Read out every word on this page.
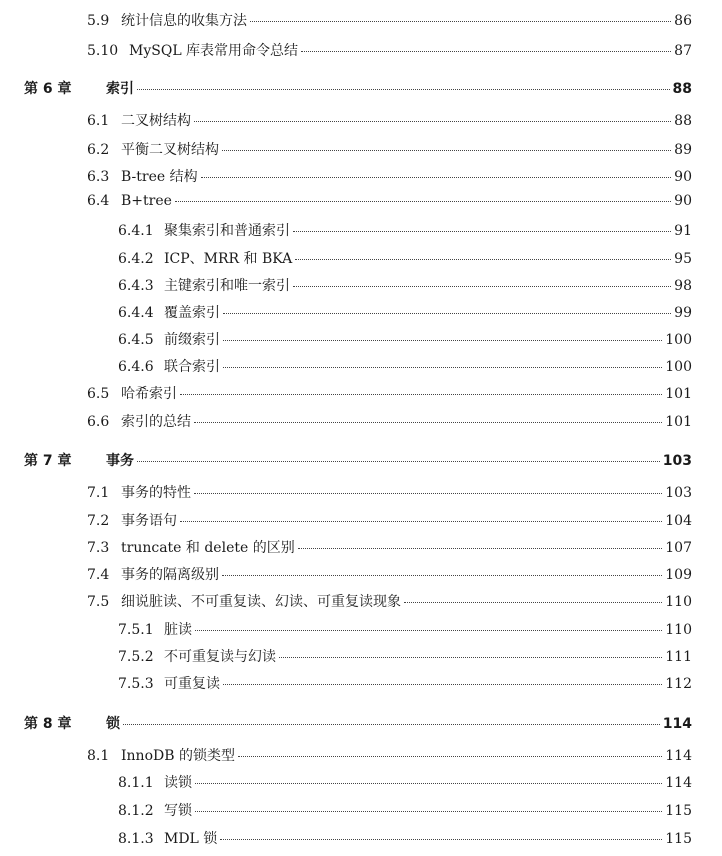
5.9 统计信息的收集方法	86
5.10 MySQL 库表常用命令总结	87
第 6 章	索引	88
6.1 二叉树结构	88
6.2 平衡二叉树结构	89
6.3 B-tree 结构	90
6.4 B+tree	90
6.4.1 聚集索引和普通索引	91
6.4.2 ICP、MRR 和 BKA	95
6.4.3 主键索引和唯一索引	98
6.4.4 覆盖索引	99
6.4.5 前缀索引	100
6.4.6 联合索引	100
6.5 哈希索引	101
6.6 索引的总结	101
第 7 章	事务	103
7.1 事务的特性	103
7.2 事务语句	104
7.3 truncate 和 delete 的区别	107
7.4 事务的隔离级别	109
7.5 细说脏读、不可重复读、幻读、可重复读现象	110
7.5.1 脏读	110
7.5.2 不可重复读与幻读	111
7.5.3 可重复读	112
第 8 章	锁	114
8.1 InnoDB 的锁类型	114
8.1.1 读锁	114
8.1.2 写锁	115
8.1.3 MDL 锁	115
